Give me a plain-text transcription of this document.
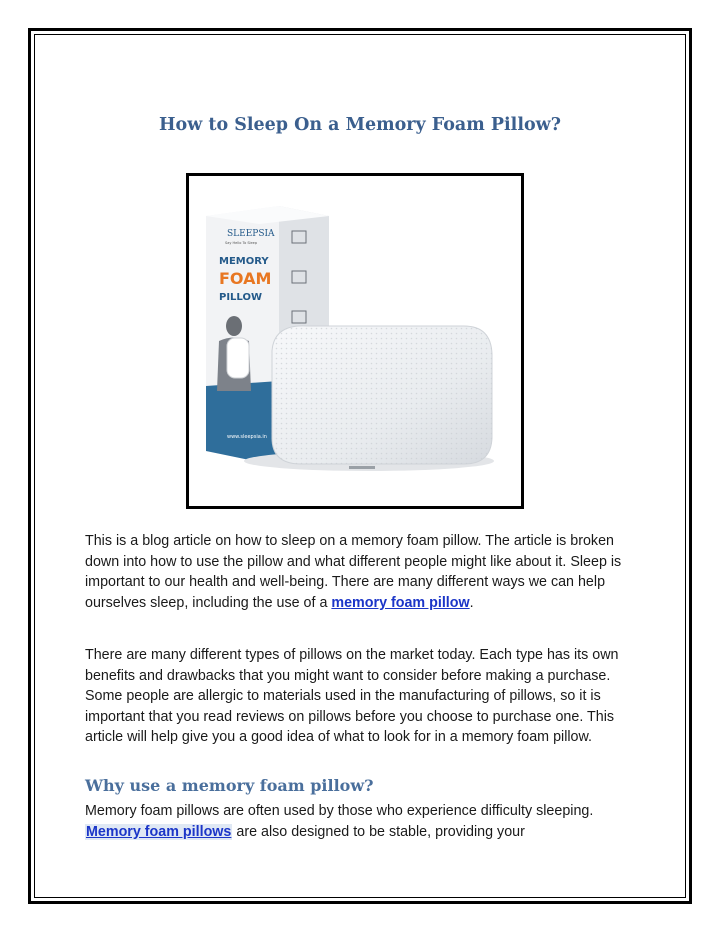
How to Sleep On a Memory Foam Pillow?
SLEEPSIA
Say Hello To Sleep
MEMORY
FOAM
PILLOW
www.sleepsia.in

This is a blog article on how to sleep on a memory foam pillow. The article is broken down into how to use the pillow and what different people might like about it. Sleep is important to our health and well-being. There are many different ways we can help ourselves sleep, including the use of a memory foam pillow.

There are many different types of pillows on the market today. Each type has its own benefits and drawbacks that you might want to consider before making a purchase. Some people are allergic to materials used in the manufacturing of pillows, so it is important that you read reviews on pillows before you choose to purchase one. This article will help give you a good idea of what to look for in a memory foam pillow.

Why use a memory foam pillow?

Memory foam pillows are often used by those who experience difficulty sleeping. Memory foam pillows are also designed to be stable, providing your
